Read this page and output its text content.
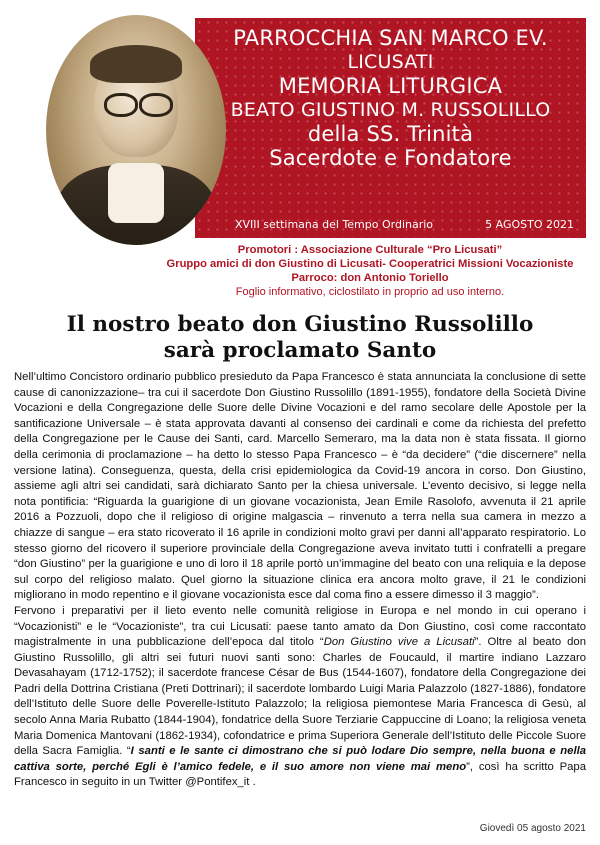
PARROCCHIA SAN MARCO EV.
LICUSATI
MEMORIA LITURGICA
BEATO GIUSTINO M. RUSSOLILLO
della SS. Trinità
Sacerdote e Fondatore
XVIII settimana del Tempo Ordinario	5 AGOSTO 2021
Promotori : Associazione Culturale “Pro Licusati”
Gruppo amici di don Giustino di Licusati- Cooperatrici Missioni Vocazioniste
Parroco: don Antonio Toriello
Foglio informativo, ciclostilato in proprio ad uso interno.
Il nostro beato don Giustino Russolillo
sarà proclamato Santo

Nell’ultimo Concistoro ordinario pubblico presieduto da Papa Francesco è stata annunciata la conclusione di sette cause di canonizzazione– tra cui il sacerdote Don Giustino Russolillo (1891-1955), fondatore della Società Divine Vocazioni e della Congregazione delle Suore delle Divine Vocazioni e del ramo secolare delle Apostole per la santificazione Universale – è stata approvata davanti al consenso dei cardinali e come da richiesta del prefetto della Congregazione per le Cause dei Santi, card. Marcello Semeraro, ma la data non è stata fissata. Il giorno della cerimonia di proclamazione – ha detto lo stesso Papa Francesco – è “da decidere” (“die discernere” nella versione latina). Conseguenza, questa, della crisi epidemiologica da Covid-19 ancora in corso. Don Giustino, assieme agli altri sei candidati, sarà dichiarato Santo per la chiesa universale. L’evento decisivo, si legge nella nota pontificia: “Riguarda la guarigione di un giovane vocazionista, Jean Emile Rasolofo, avvenuta il 21 aprile 2016 a Pozzuoli, dopo che il religioso di origine malgascia – rinvenuto a terra nella sua camera in mezzo a chiazze di sangue – era stato ricoverato il 16 aprile in condizioni molto gravi per danni all’apparato respiratorio. Lo stesso giorno del ricovero il superiore provinciale della Congregazione aveva invitato tutti i confratelli a pregare “don Giustino” per la guarigione e uno di loro il 18 aprile portò un’immagine del beato con una reliquia e la depose sul corpo del religioso malato. Quel giorno la situazione clinica era ancora molto grave, il 21 le condizioni migliorano in modo repentino e il giovane vocazionista esce dal coma fino a essere dimesso il 3 maggio”.

Fervono i preparativi per il lieto evento nelle comunità religiose in Europa e nel mondo in cui operano i “Vocazionisti” e le “Vocazioniste”, tra cui Licusati: paese tanto amato da Don Giustino, così come raccontato magistralmente in una pubblicazione dell’epoca dal titolo “Don Giustino vive a Licusati”. Oltre al beato don Giustino Russolillo, gli altri sei futuri nuovi santi sono: Charles de Foucauld, il martire indiano Lazzaro Devasahayam (1712-1752); il sacerdote francese César de Bus (1544-1607), fondatore della Congregazione dei Padri della Dottrina Cristiana (Preti Dottrinari); il sacerdote lombardo Luigi Maria Palazzolo (1827-1886), fondatore dell’Istituto delle Suore delle Poverelle-Istituto Palazzolo; la religiosa piemontese Maria Francesca di Gesù, al secolo Anna Maria Rubatto (1844-1904), fondatrice della Suore Terziarie Cappuccine di Loano; la religiosa veneta Maria Domenica Mantovani (1862-1934), cofondatrice e prima Superiora Generale dell’Istituto delle Piccole Suore della Sacra Famiglia. “I santi e le sante ci dimostrano che si può lodare Dio sempre, nella buona e nella cattiva sorte, perché Egli è l’amico fedele, e il suo amore non viene mai meno”, così ha scritto Papa Francesco in seguito in un Twitter @Pontifex_it .

Giovedì 05 agosto 2021
